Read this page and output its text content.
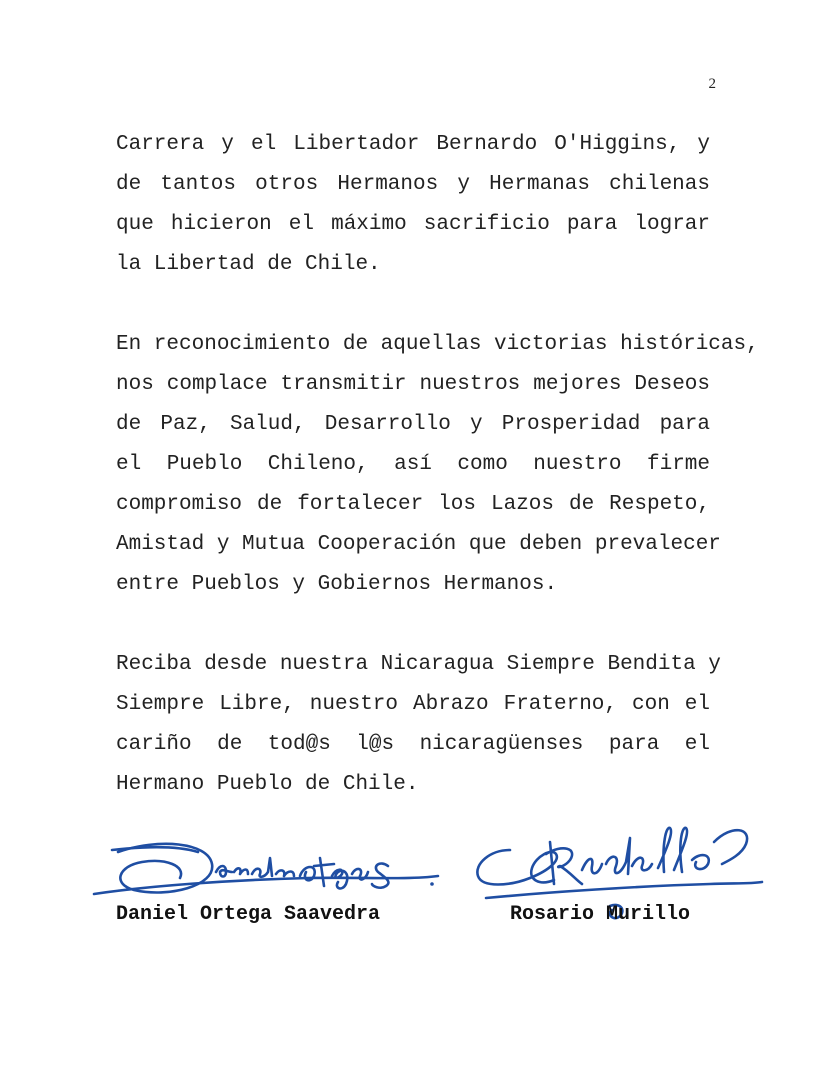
2
Carrera y el Libertador Bernardo O'Higgins, y
de tantos otros Hermanos y Hermanas chilenas
que hicieron el máximo sacrificio para lograr
la Libertad de Chile.
En reconocimiento de aquellas victorias históricas,
nos complace transmitir nuestros mejores Deseos
de Paz, Salud, Desarrollo y Prosperidad para
el Pueblo Chileno, así como nuestro firme
compromiso de fortalecer los Lazos de Respeto,
Amistad y Mutua Cooperación que deben prevalecer
entre Pueblos y Gobiernos Hermanos.
Reciba desde nuestra Nicaragua Siempre Bendita y
Siempre Libre, nuestro Abrazo Fraterno, con el
cariño de tod@s l@s nicaragüenses para el
Hermano Pueblo de Chile.
Daniel Ortega Saavedra	Rosario Murillo
